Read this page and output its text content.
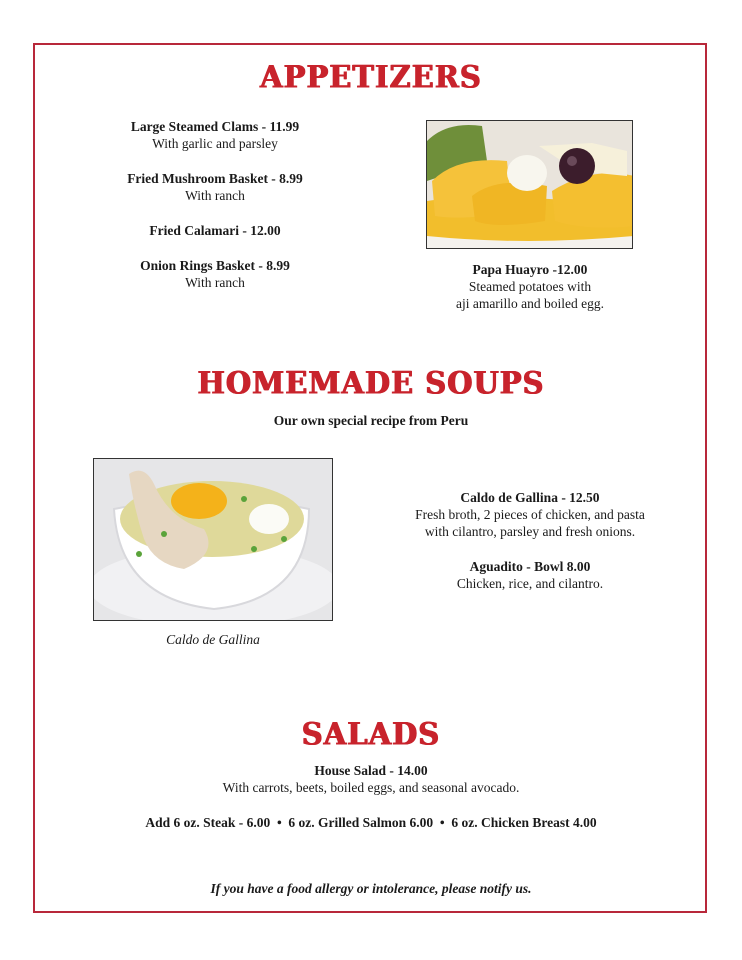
APPETIZERS
Large Steamed Clams - 11.99
With garlic and parsley
Fried Mushroom Basket - 8.99
With ranch
Fried Calamari - 12.00
Onion Rings Basket - 8.99
With ranch
Papa Huayro -12.00
Steamed potatoes with
aji amarillo and boiled egg.
HOMEMADE SOUPS
Our own special recipe from Peru
Caldo de Gallina
Caldo de Gallina - 12.50
Fresh broth, 2 pieces of chicken, and pasta
with cilantro, parsley and fresh onions.
Aguadito - Bowl 8.00
Chicken, rice, and cilantro.
SALADS
House Salad - 14.00
With carrots, beets, boiled eggs, and seasonal avocado.
Add 6 oz. Steak - 6.00  •  6 oz. Grilled Salmon 6.00  •  6 oz. Chicken Breast 4.00
If you have a food allergy or intolerance, please notify us.
